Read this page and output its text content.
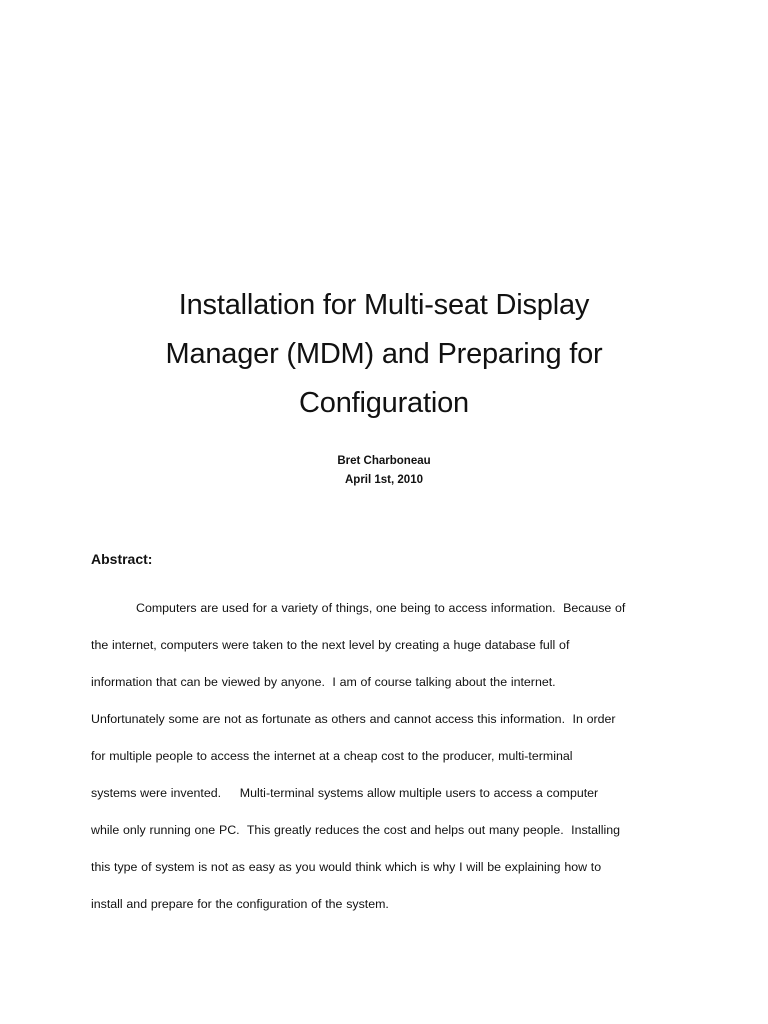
Installation for Multi-seat Display
Manager (MDM) and Preparing for
Configuration
Bret Charboneau
April 1st, 2010
Abstract:
Computers are used for a variety of things, one being to access information.  Because of
the internet, computers were taken to the next level by creating a huge database full of
information that can be viewed by anyone.  I am of course talking about the internet.
Unfortunately some are not as fortunate as others and cannot access this information.  In order
for multiple people to access the internet at a cheap cost to the producer, multi-terminal
systems were invented.     Multi-terminal systems allow multiple users to access a computer
while only running one PC.  This greatly reduces the cost and helps out many people.  Installing
this type of system is not as easy as you would think which is why I will be explaining how to
install and prepare for the configuration of the system.
